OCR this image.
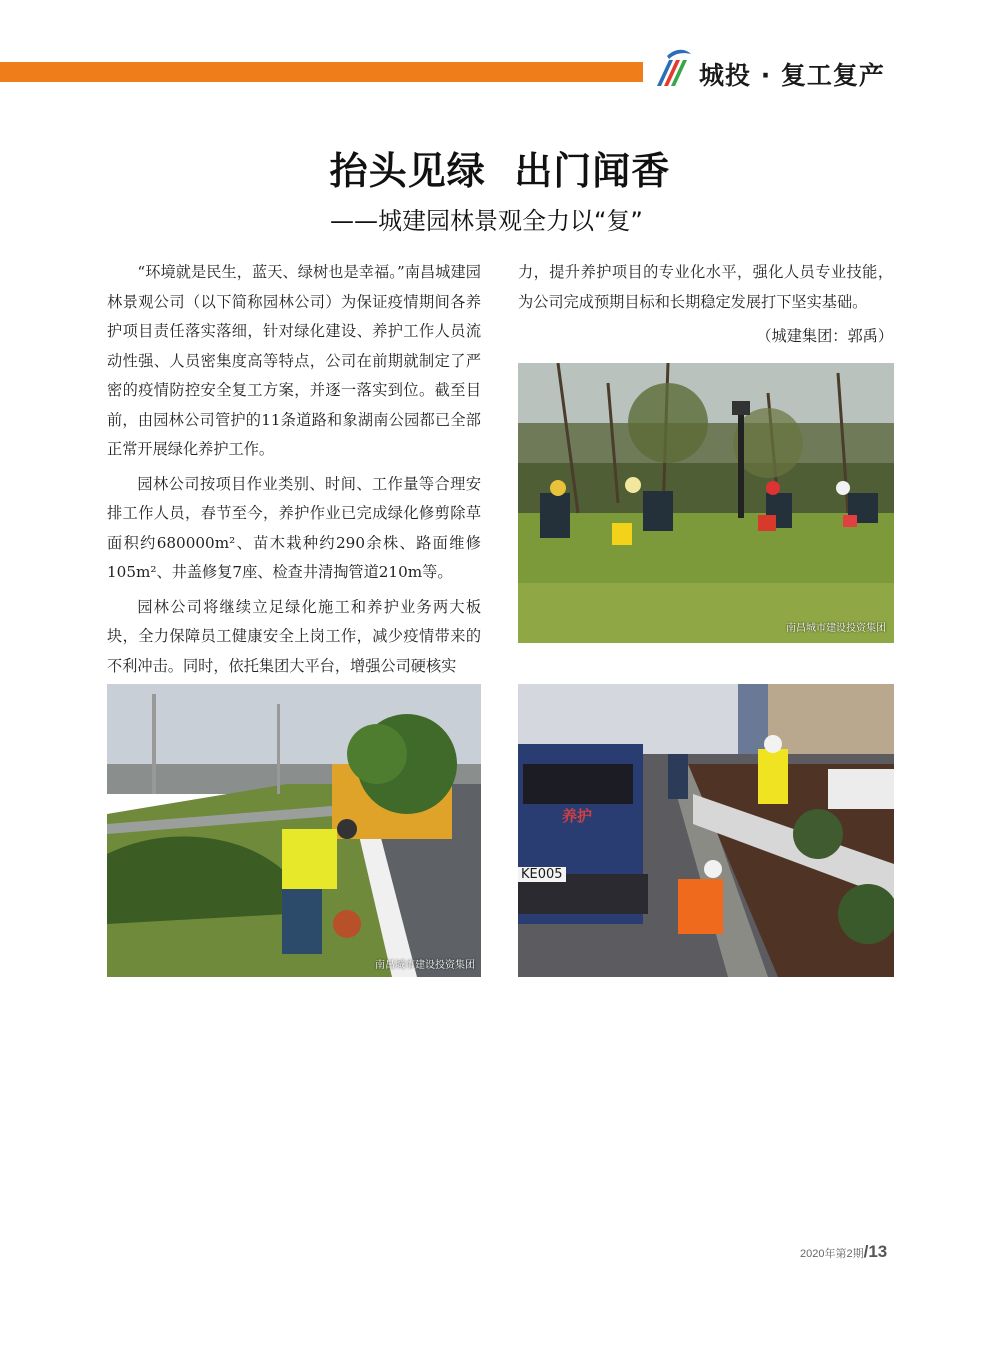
城投 · 复工复产
抬头见绿  出门闻香
——城建园林景观全力以“复”

“环境就是民生，蓝天、绿树也是幸福。”南昌城建园林景观公司（以下简称园林公司）为保证疫情期间各养护项目责任落实落细，针对绿化建设、养护工作人员流动性强、人员密集度高等特点，公司在前期就制定了严密的疫情防控安全复工方案，并逐一落实到位。截至目前，由园林公司管护的11条道路和象湖南公园都已全部正常开展绿化养护工作。

园林公司按项目作业类别、时间、工作量等合理安排工作人员，春节至今，养护作业已完成绿化修剪除草面积约680000m²、苗木栽种约290余株、路面维修105m²、井盖修复7座、检查井清掏管道210m等。

园林公司将继续立足绿化施工和养护业务两大板块，全力保障员工健康安全上岗工作，减少疫情带来的不利冲击。同时，依托集团大平台，增强公司硬核实

力，提升养护项目的专业化水平，强化人员专业技能，为公司完成预期目标和长期稳定发展打下坚实基础。

（城建集团：郭禹）

南昌城市建设投资集团
南昌城市建设投资集团
养护
KE005
2020年第2期/13
